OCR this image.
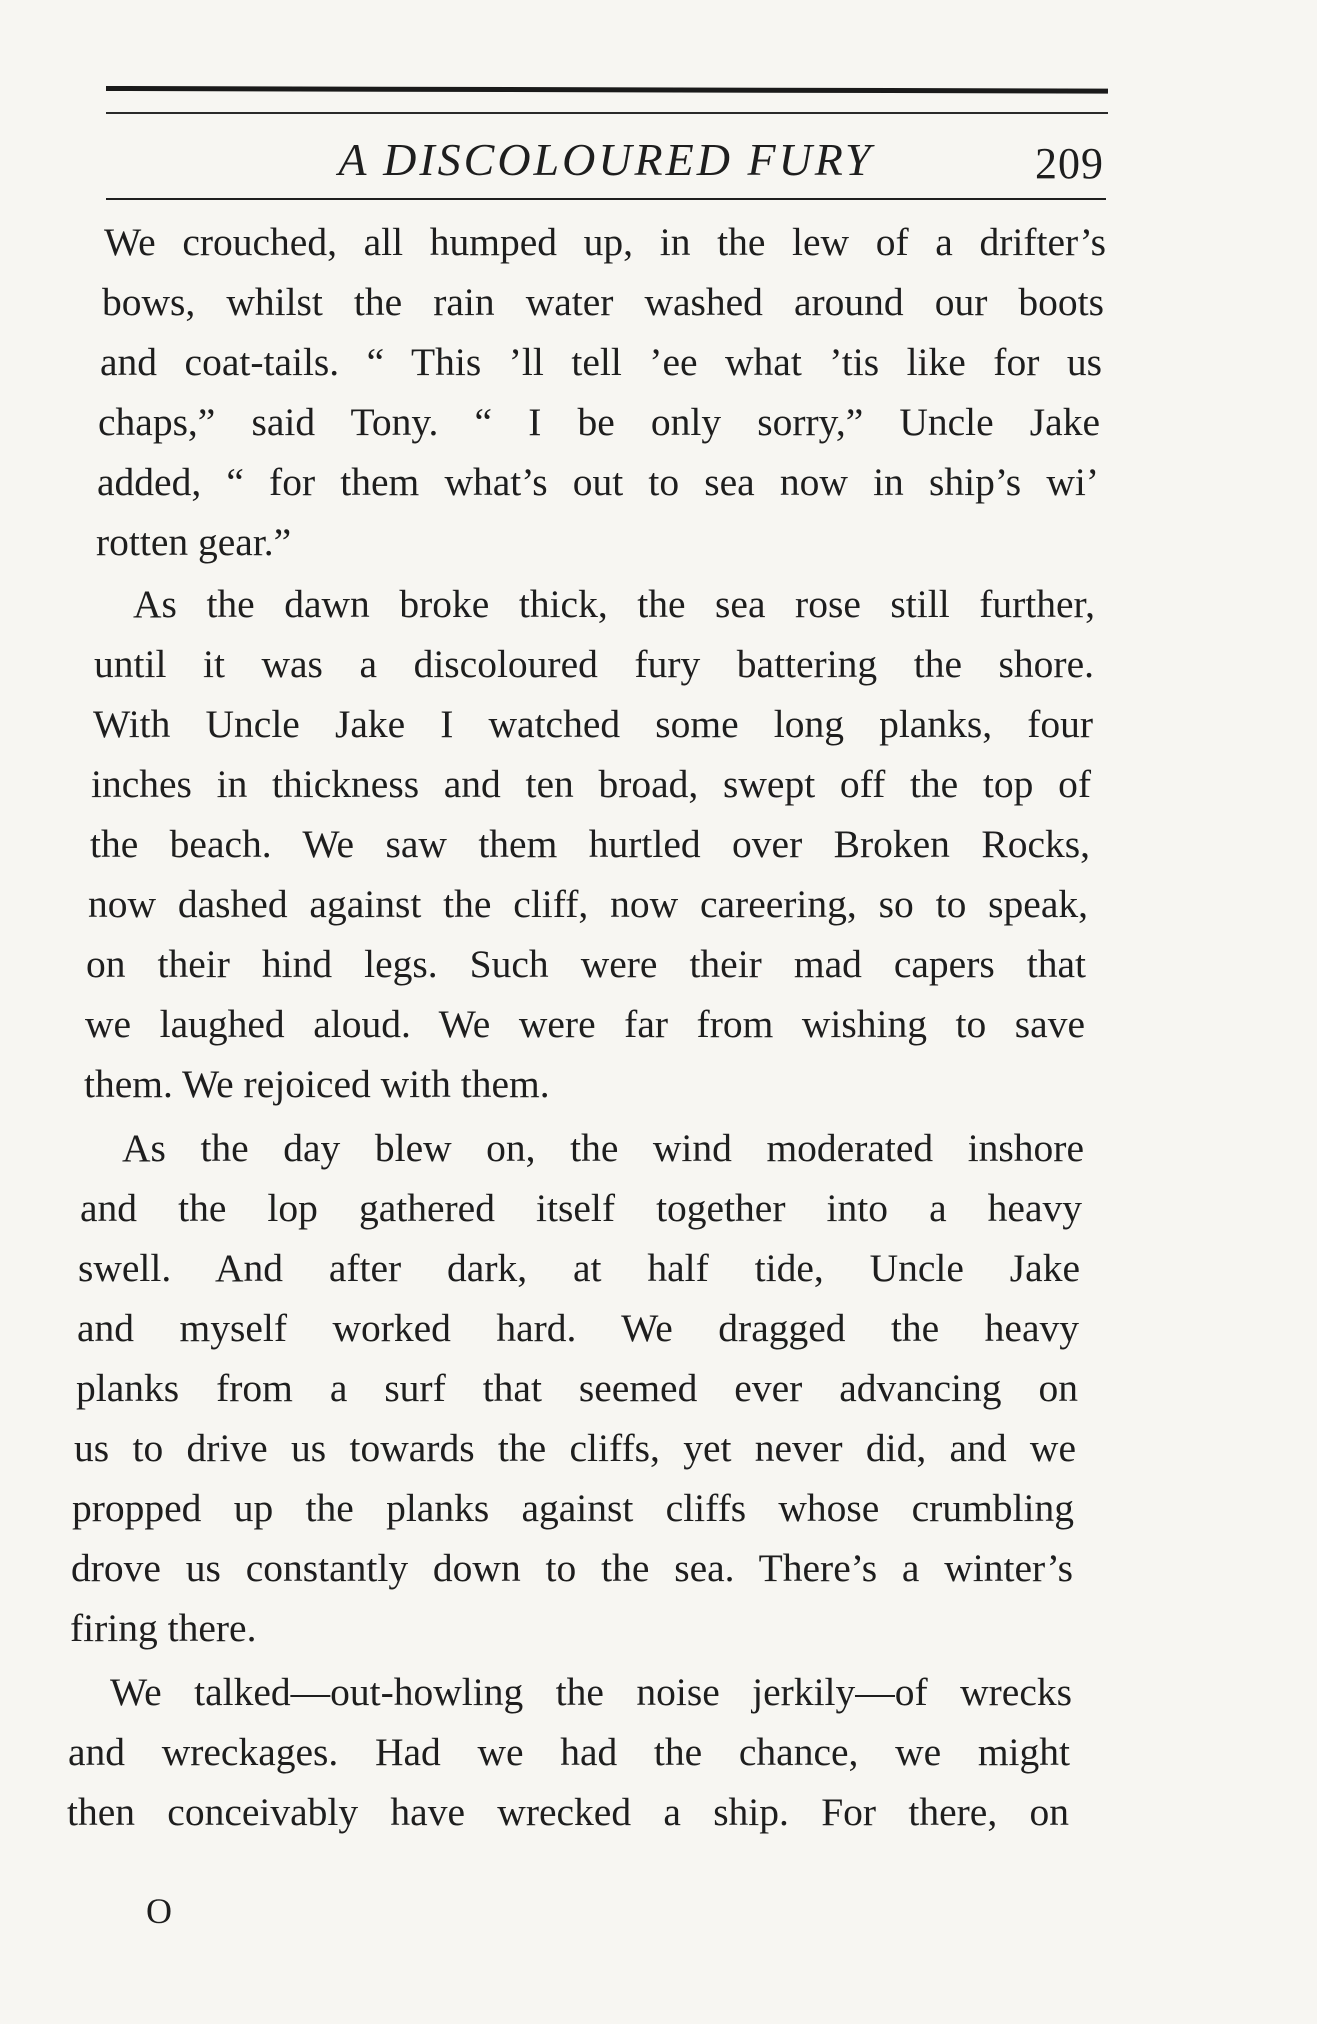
A DISCOLOURED FURY	209
We crouched, all humped up, in the lew of a drifter’s
bows, whilst the rain water washed around our boots
and coat-tails. “ This ’ll tell ’ee what ’tis like for us
chaps,” said Tony. “ I be only sorry,” Uncle Jake
added, “ for them what’s out to sea now in ship’s wi’
rotten gear.”
As the dawn broke thick, the sea rose still further,
until it was a discoloured fury battering the shore.
With Uncle Jake I watched some long planks, four
inches in thickness and ten broad, swept off the top of
the beach. We saw them hurtled over Broken Rocks,
now dashed against the cliff, now careering, so to speak,
on their hind legs. Such were their mad capers that
we laughed aloud. We were far from wishing to save
them. We rejoiced with them.
As the day blew on, the wind moderated inshore
and the lop gathered itself together into a heavy
swell. And after dark, at half tide, Uncle Jake
and myself worked hard. We dragged the heavy
planks from a surf that seemed ever advancing on
us to drive us towards the cliffs, yet never did, and we
propped up the planks against cliffs whose crumbling
drove us constantly down to the sea. There’s a winter’s
firing there.
We talked—out-howling the noise jerkily—of wrecks
and wreckages. Had we had the chance, we might
then conceivably have wrecked a ship. For there, on
O
